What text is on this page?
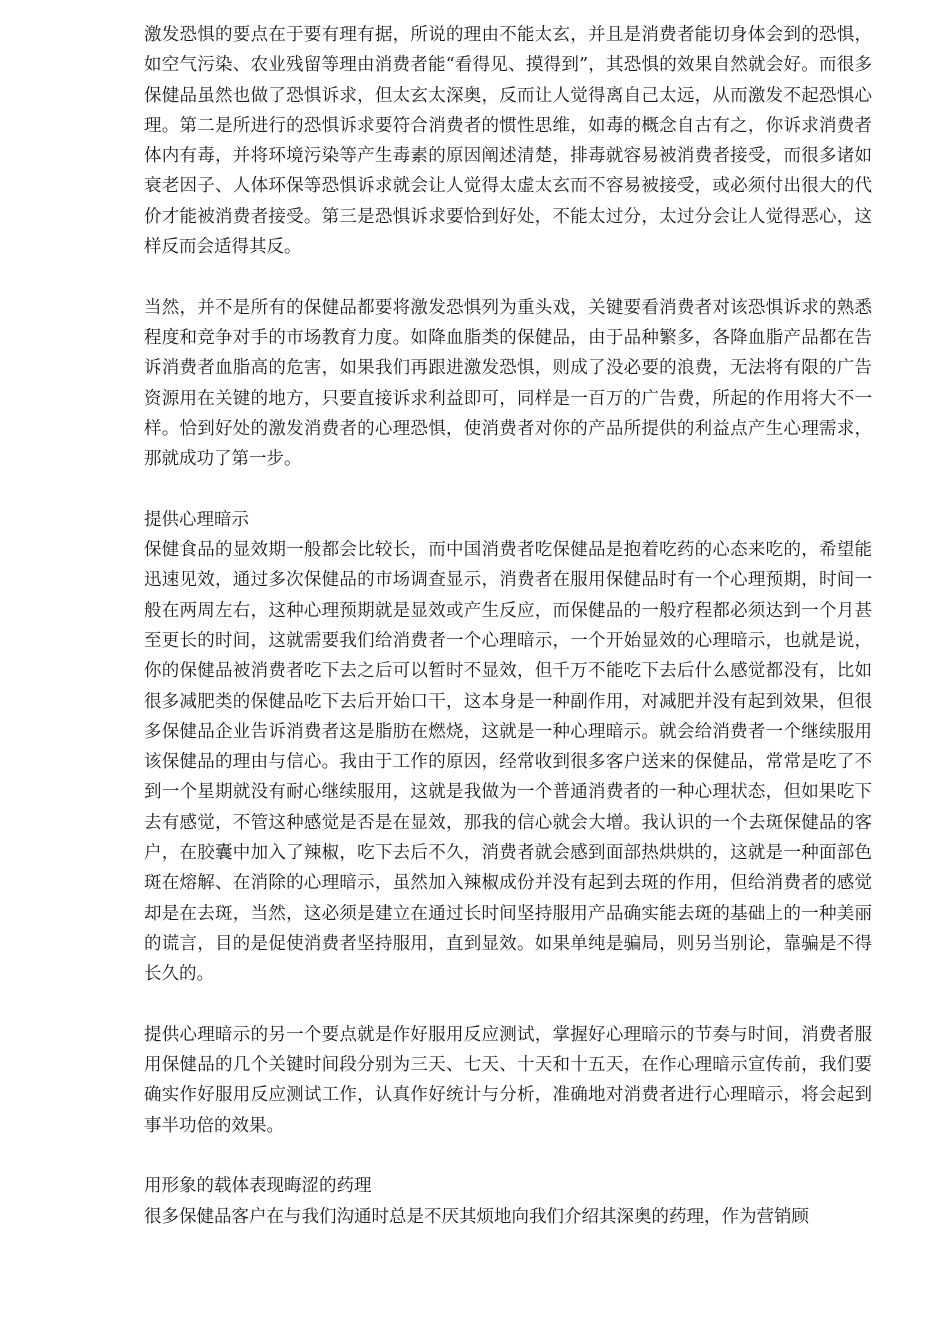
激发恐惧的要点在于要有理有据，所说的理由不能太玄，并且是消费者能切身体会到的恐惧，如空气污染、农业残留等理由消费者能“看得见、摸得到”，其恐惧的效果自然就会好。而很多保健品虽然也做了恐惧诉求，但太玄太深奥，反而让人觉得离自己太远，从而激发不起恐惧心理。第二是所进行的恐惧诉求要符合消费者的惯性思维，如毒的概念自古有之，你诉求消费者体内有毒，并将环境污染等产生毒素的原因阐述清楚，排毒就容易被消费者接受，而很多诸如衰老因子、人体环保等恐惧诉求就会让人觉得太虚太玄而不容易被接受，或必须付出很大的代价才能被消费者接受。第三是恐惧诉求要恰到好处，不能太过分，太过分会让人觉得恶心，这样反而会适得其反。

当然，并不是所有的保健品都要将激发恐惧列为重头戏，关键要看消费者对该恐惧诉求的熟悉程度和竞争对手的市场教育力度。如降血脂类的保健品，由于品种繁多，各降血脂产品都在告诉消费者血脂高的危害，如果我们再跟进激发恐惧，则成了没必要的浪费，无法将有限的广告资源用在关键的地方，只要直接诉求利益即可，同样是一百万的广告费，所起的作用将大不一样。恰到好处的激发消费者的心理恐惧，使消费者对你的产品所提供的利益点产生心理需求，那就成功了第一步。

提供心理暗示

保健食品的显效期一般都会比较长，而中国消费者吃保健品是抱着吃药的心态来吃的，希望能迅速见效，通过多次保健品的市场调查显示，消费者在服用保健品时有一个心理预期，时间一般在两周左右，这种心理预期就是显效或产生反应，而保健品的一般疗程都必须达到一个月甚至更长的时间，这就需要我们给消费者一个心理暗示，一个开始显效的心理暗示，也就是说，你的保健品被消费者吃下去之后可以暂时不显效，但千万不能吃下去后什么感觉都没有，比如很多减肥类的保健品吃下去后开始口干，这本身是一种副作用，对减肥并没有起到效果，但很多保健品企业告诉消费者这是脂肪在燃烧，这就是一种心理暗示。就会给消费者一个继续服用该保健品的理由与信心。我由于工作的原因，经常收到很多客户送来的保健品，常常是吃了不到一个星期就没有耐心继续服用，这就是我做为一个普通消费者的一种心理状态，但如果吃下去有感觉，不管这种感觉是否是在显效，那我的信心就会大增。我认识的一个去斑保健品的客户，在胶囊中加入了辣椒，吃下去后不久，消费者就会感到面部热烘烘的，这就是一种面部色斑在熔解、在消除的心理暗示，虽然加入辣椒成份并没有起到去斑的作用，但给消费者的感觉却是在去斑，当然，这必须是建立在通过长时间坚持服用产品确实能去斑的基础上的一种美丽的谎言，目的是促使消费者坚持服用，直到显效。如果单纯是骗局，则另当别论，靠骗是不得长久的。

提供心理暗示的另一个要点就是作好服用反应测试，掌握好心理暗示的节奏与时间，消费者服用保健品的几个关键时间段分别为三天、七天、十天和十五天，在作心理暗示宣传前，我们要确实作好服用反应测试工作，认真作好统计与分析，准确地对消费者进行心理暗示，将会起到事半功倍的效果。

用形象的载体表现晦涩的药理

很多保健品客户在与我们沟通时总是不厌其烦地向我们介绍其深奥的药理，作为营销顾
